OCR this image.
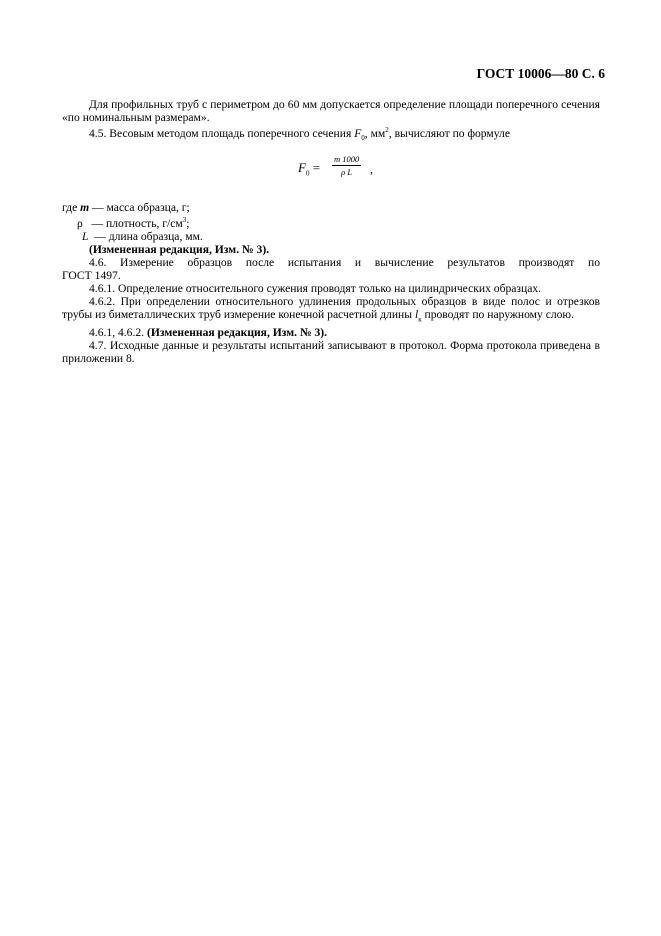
ГОСТ 10006—80 С. 6

Для профильных труб с периметром до 60 мм допускается определение площади поперечного сечения «по номинальным размерам».

4.5. Весовым методом площадь поперечного сечения $F_0$, $мм^2$, вычисляют по формуле

$F_0 = \frac{m 1000}{\text{ρ L}}$ ,
где m — масса образца, г;
ρ   — плотность, $г/см^3$;
L  — длина образца, мм.

(Измененная редакция, Изм. № 3).

4.6. Измерение образцов после испытания и вычисление результатов производят по

ГОСТ 1497.

4.6.1. Определение относительного сужения проводят только на цилиндрических образцах.

4.6.2. При определении относительного удлинения продольных образцов в виде полос и отрезков трубы из биметаллических труб измерение конечной расчетной длины $l_к$ проводят по наружному слою.

4.6.1, 4.6.2. (Измененная редакция, Изм. № 3).

4.7. Исходные данные и результаты испытаний записывают в протокол. Форма протокола приведена в приложении 8.
